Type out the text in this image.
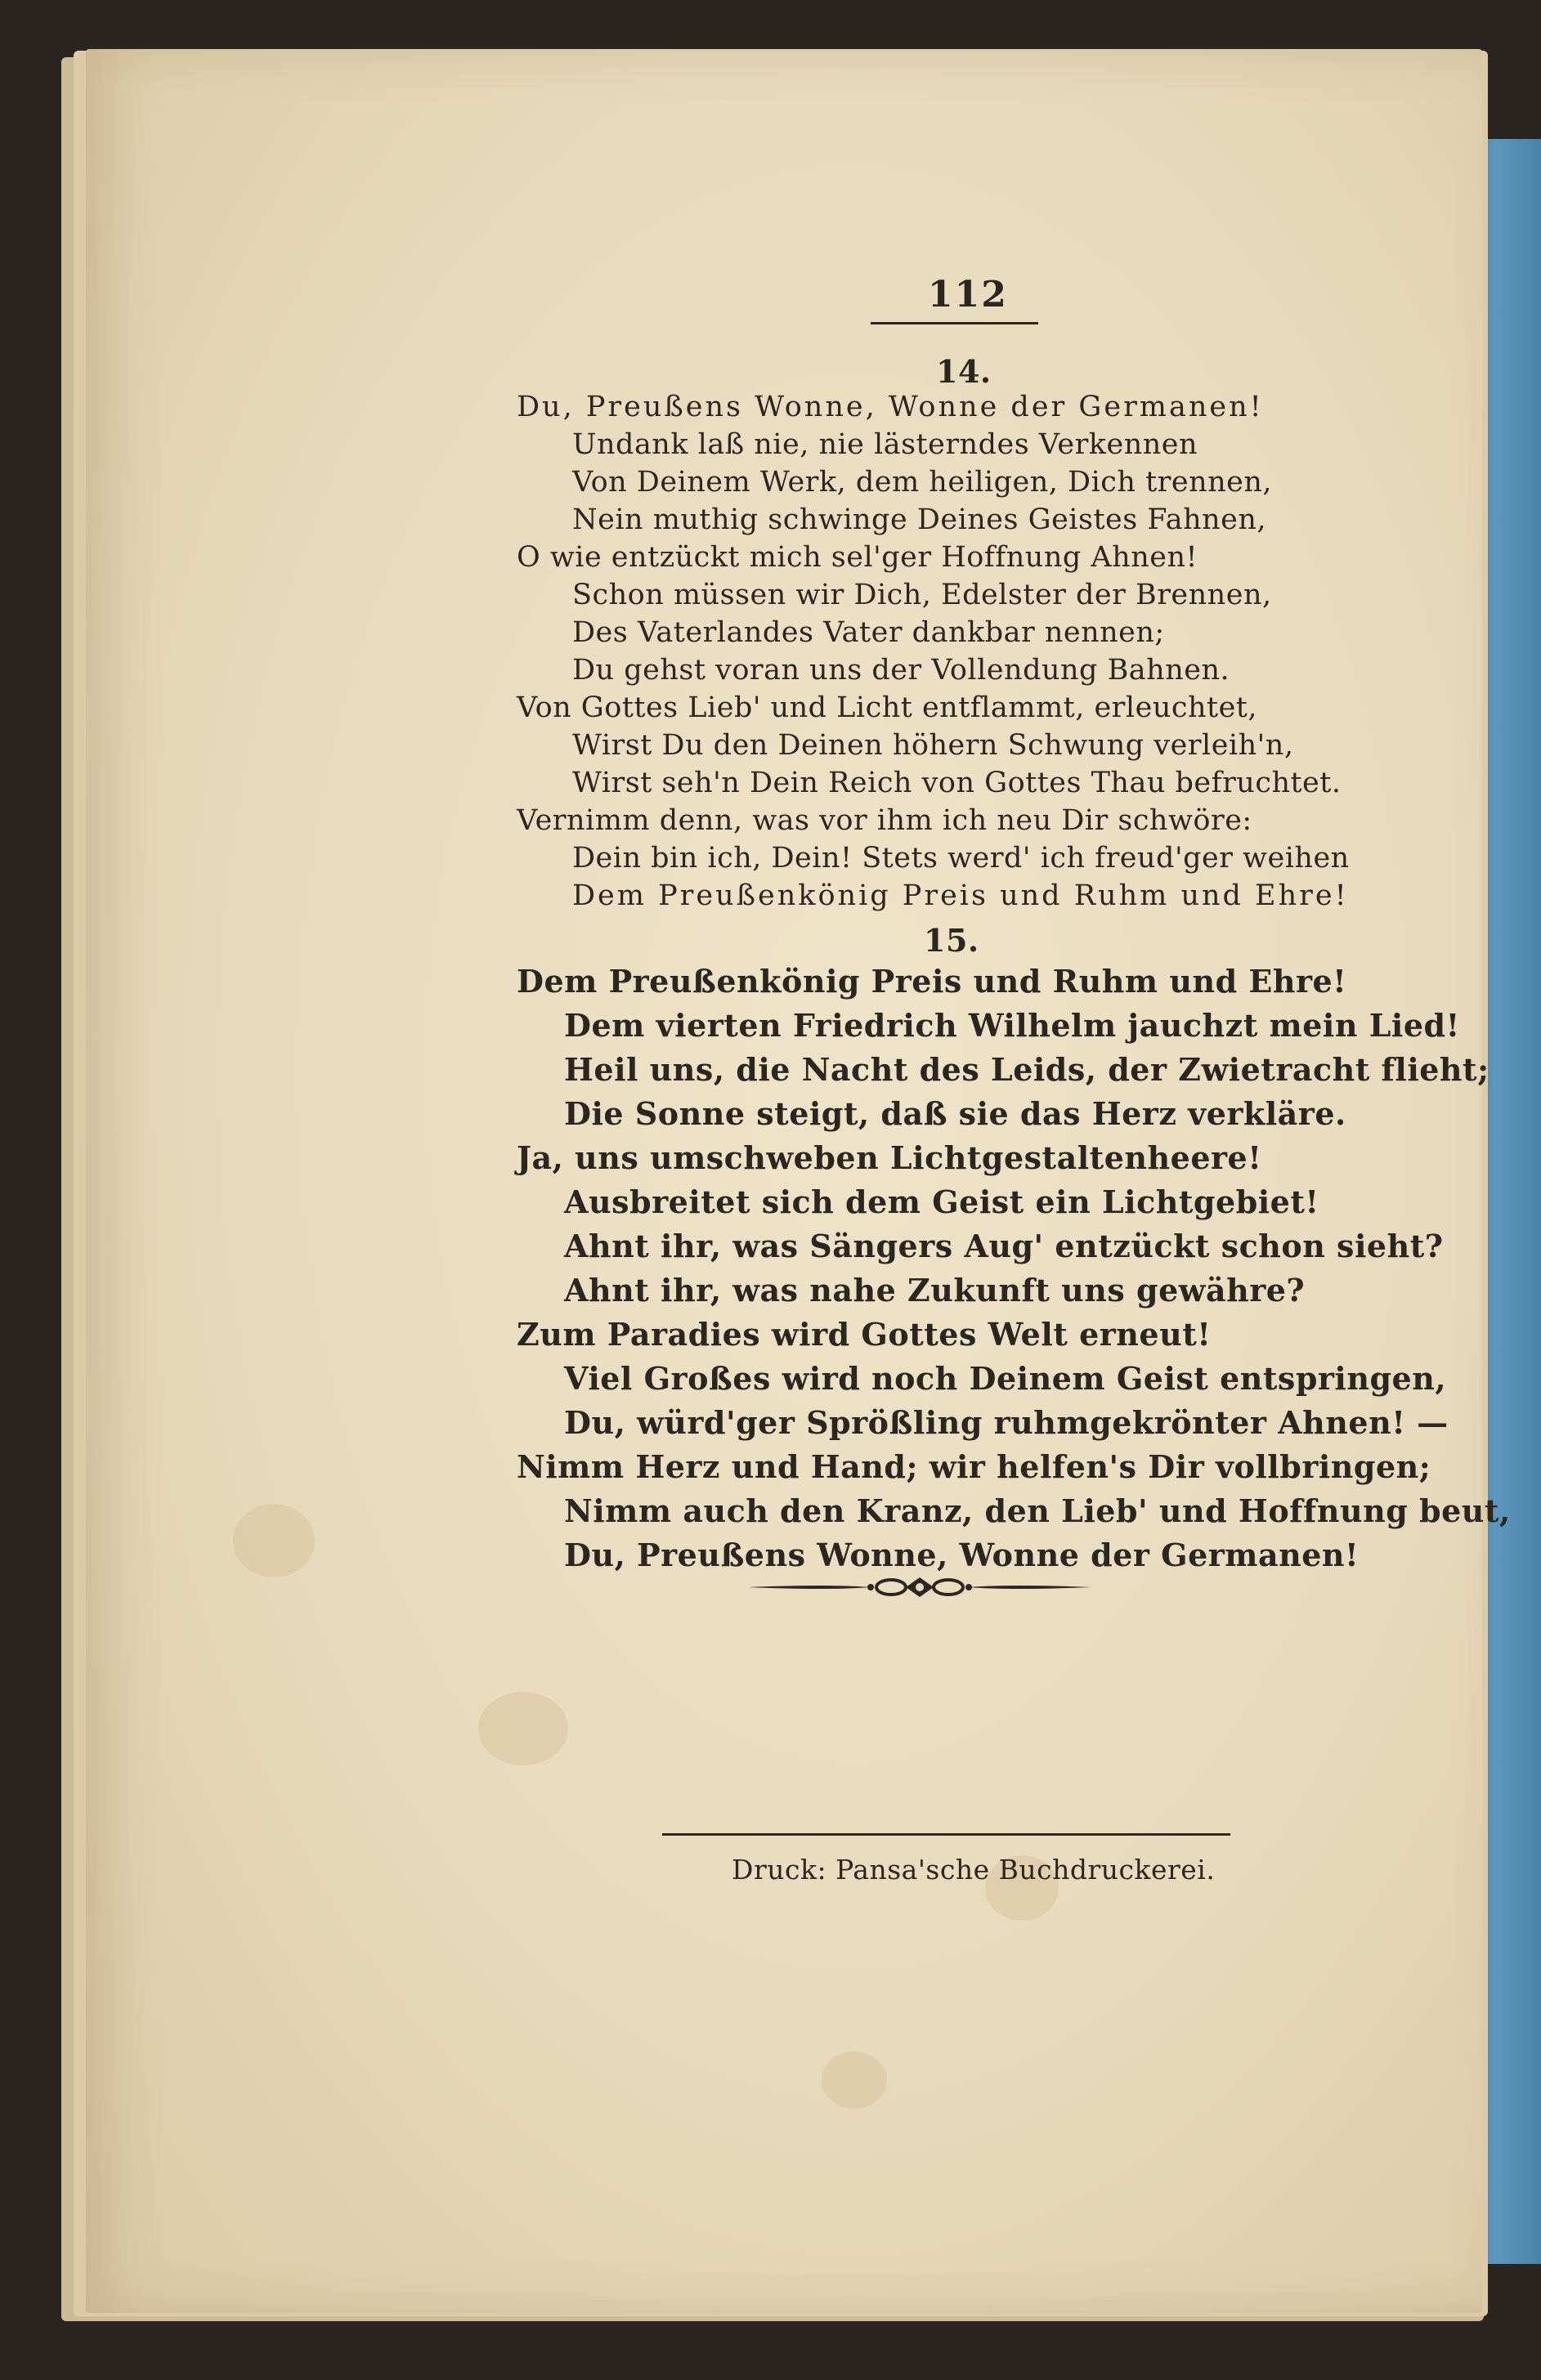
112
14.
Du, Preußens Wonne, Wonne der Germanen!
Undank laß nie, nie lästerndes Verkennen
Von Deinem Werk, dem heiligen, Dich trennen,
Nein muthig schwinge Deines Geistes Fahnen,
O wie entzückt mich sel'ger Hoffnung Ahnen!
Schon müssen wir Dich, Edelster der Brennen,
Des Vaterlandes Vater dankbar nennen;
Du gehst voran uns der Vollendung Bahnen.
Von Gottes Lieb' und Licht entflammt, erleuchtet,
Wirst Du den Deinen höhern Schwung verleih'n,
Wirst seh'n Dein Reich von Gottes Thau befruchtet.
Vernimm denn, was vor ihm ich neu Dir schwöre:
Dein bin ich, Dein! Stets werd' ich freud'ger weihen
Dem Preußenkönig Preis und Ruhm und Ehre!
15.
Dem Preußenkönig Preis und Ruhm und Ehre!
Dem vierten Friedrich Wilhelm jauchzt mein Lied!
Heil uns, die Nacht des Leids, der Zwietracht flieht;
Die Sonne steigt, daß sie das Herz verkläre.
Ja, uns umschweben Lichtgestaltenheere!
Ausbreitet sich dem Geist ein Lichtgebiet!
Ahnt ihr, was Sängers Aug' entzückt schon sieht?
Ahnt ihr, was nahe Zukunft uns gewähre?
Zum Paradies wird Gottes Welt erneut!
Viel Großes wird noch Deinem Geist entspringen,
Du, würd'ger Sprößling ruhmgekrönter Ahnen! —
Nimm Herz und Hand; wir helfen's Dir vollbringen;
Nimm auch den Kranz, den Lieb' und Hoffnung beut,
Du, Preußens Wonne, Wonne der Germanen!
Druck: Pansa'sche Buchdruckerei.
